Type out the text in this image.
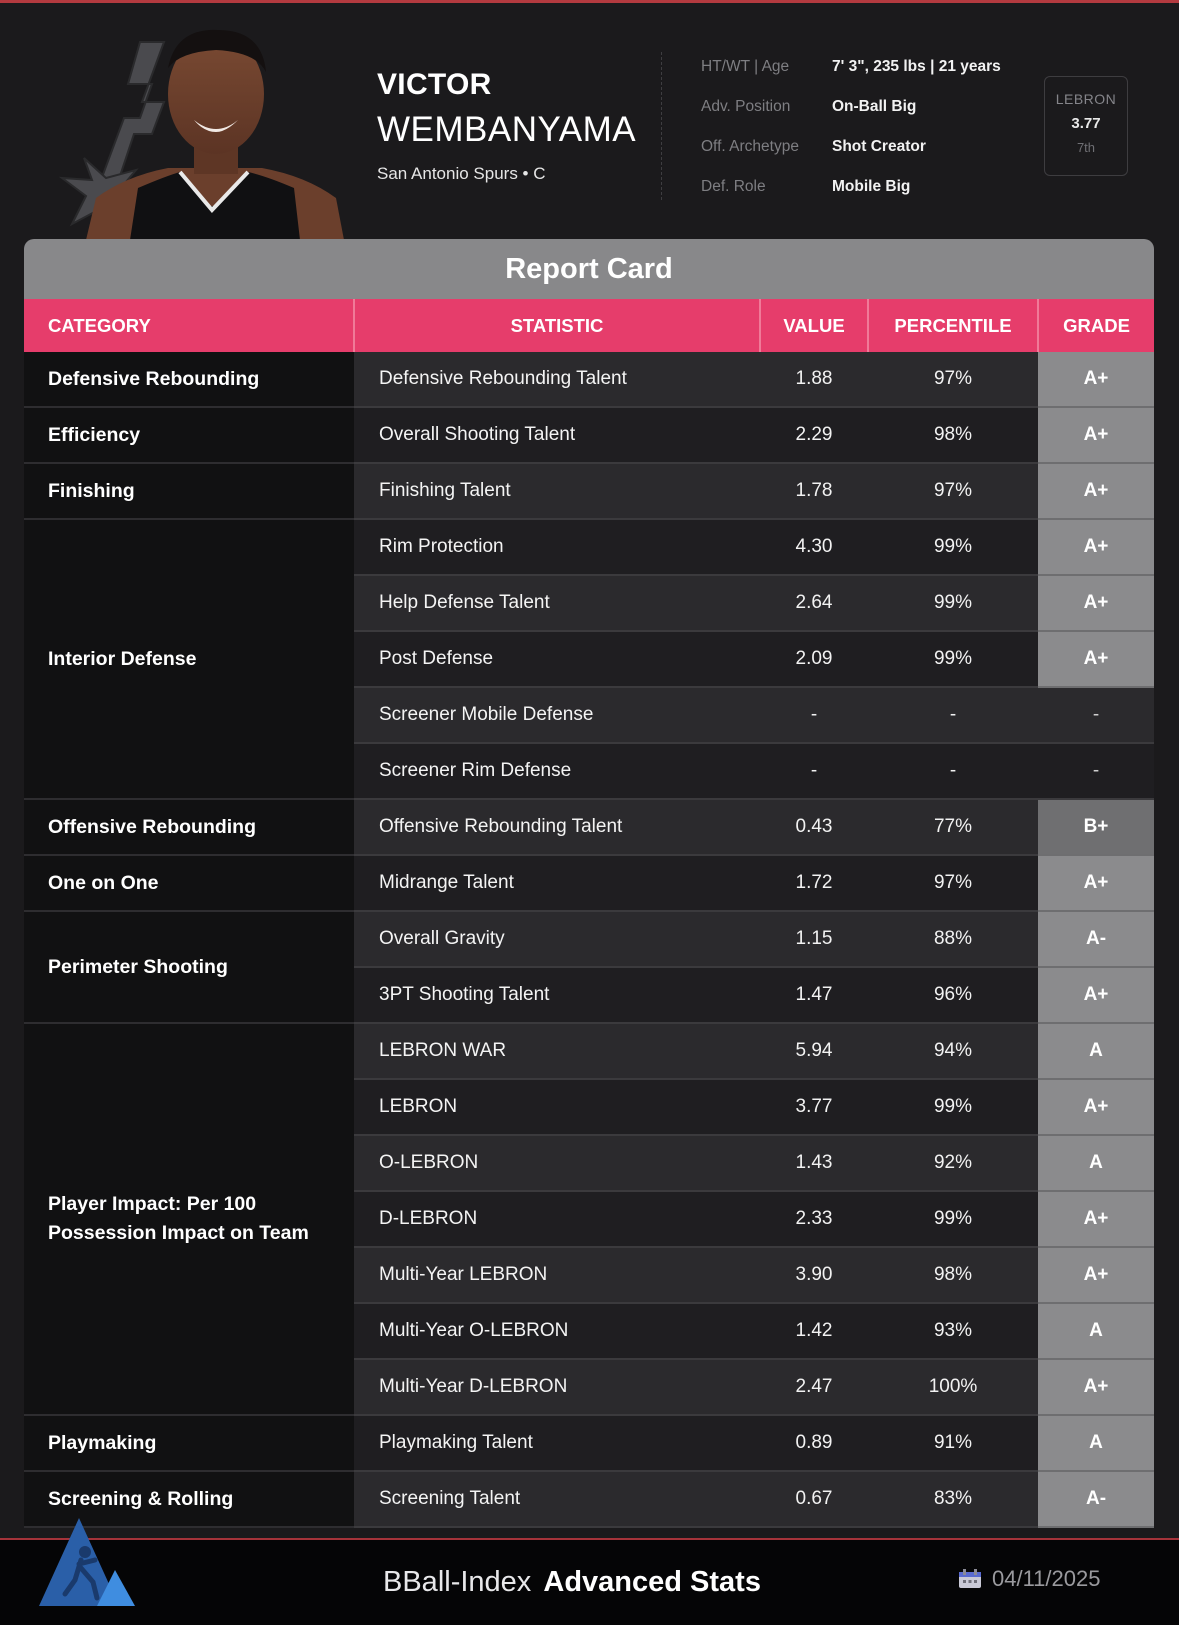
VICTOR
WEMBANYAMA
San Antonio Spurs • C
HT/WT | Age	7' 3", 235 lbs | 21 years
Adv. Position	On-Ball Big
Off. Archetype	Shot Creator
Def. Role	Mobile Big
LEBRON
3.77
7th
Report Card
CATEGORY	STATISTIC	VALUE	PERCENTILE	GRADE
Defensive Rebounding	Defensive Rebounding Talent	1.88	97%	A+
Efficiency	Overall Shooting Talent	2.29	98%	A+
Finishing	Finishing Talent	1.78	97%	A+
Interior Defense	Rim Protection	4.30	99%	A+
	Help Defense Talent	2.64	99%	A+
	Post Defense	2.09	99%	A+
	Screener Mobile Defense	-	-	-
	Screener Rim Defense	-	-	-
Offensive Rebounding	Offensive Rebounding Talent	0.43	77%	B+
One on One	Midrange Talent	1.72	97%	A+
Perimeter Shooting	Overall Gravity	1.15	88%	A-
	3PT Shooting Talent	1.47	96%	A+
Player Impact: Per 100 Possession Impact on Team	LEBRON WAR	5.94	94%	A
	LEBRON	3.77	99%	A+
	O-LEBRON	1.43	92%	A
	D-LEBRON	2.33	99%	A+
	Multi-Year LEBRON	3.90	98%	A+
	Multi-Year O-LEBRON	1.42	93%	A
	Multi-Year D-LEBRON	2.47	100%	A+
Playmaking	Playmaking Talent	0.89	91%	A
Screening & Rolling	Screening Talent	0.67	83%	A-
BBall-Index Advanced Stats	04/11/2025
